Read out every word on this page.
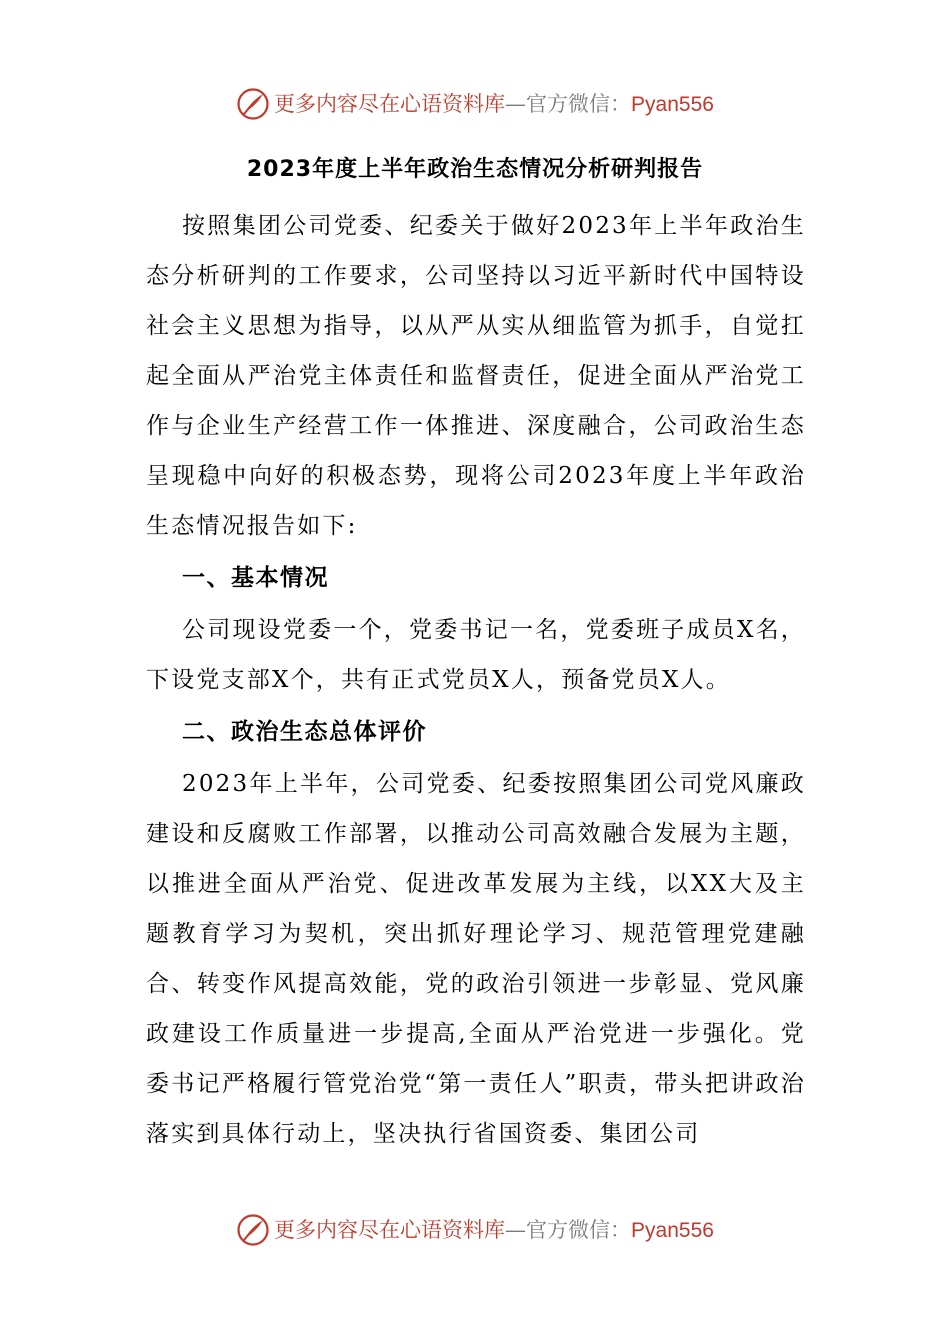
更多内容尽在心语资料库 —官方微信： Pyan556
2023年度上半年政治生态情况分析研判报告

按照集团公司党委、纪委关于做好2023年上半年政治生态分析研判的工作要求，公司坚持以习近平新时代中国特设社会主义思想为指导，以从严从实从细监管为抓手，自觉扛起全面从严治党主体责任和监督责任，促进全面从严治党工作与企业生产经营工作一体推进、深度融合，公司政治生态呈现稳中向好的积极态势，现将公司2023年度上半年政治生态情况报告如下:

一、基本情况

公司现设党委一个，党委书记一名，党委班子成员X名，下设党支部X个，共有正式党员X人，预备党员X人。

二、政治生态总体评价

2023年上半年，公司党委、纪委按照集团公司党风廉政建设和反腐败工作部署，以推动公司高效融合发展为主题，以推进全面从严治党、促进改革发展为主线，以XX大及主题教育学习为契机，突出抓好理论学习、规范管理党建融合、转变作风提高效能，党的政治引领进一步彰显、党风廉政建设工作质量进一步提高,全面从严治党进一步强化。党委书记严格履行管党治党“第一责任人”职责，带头把讲政治落实到具体行动上，坚决执行省国资委、集团公司

更多内容尽在心语资料库 —官方微信： Pyan556
